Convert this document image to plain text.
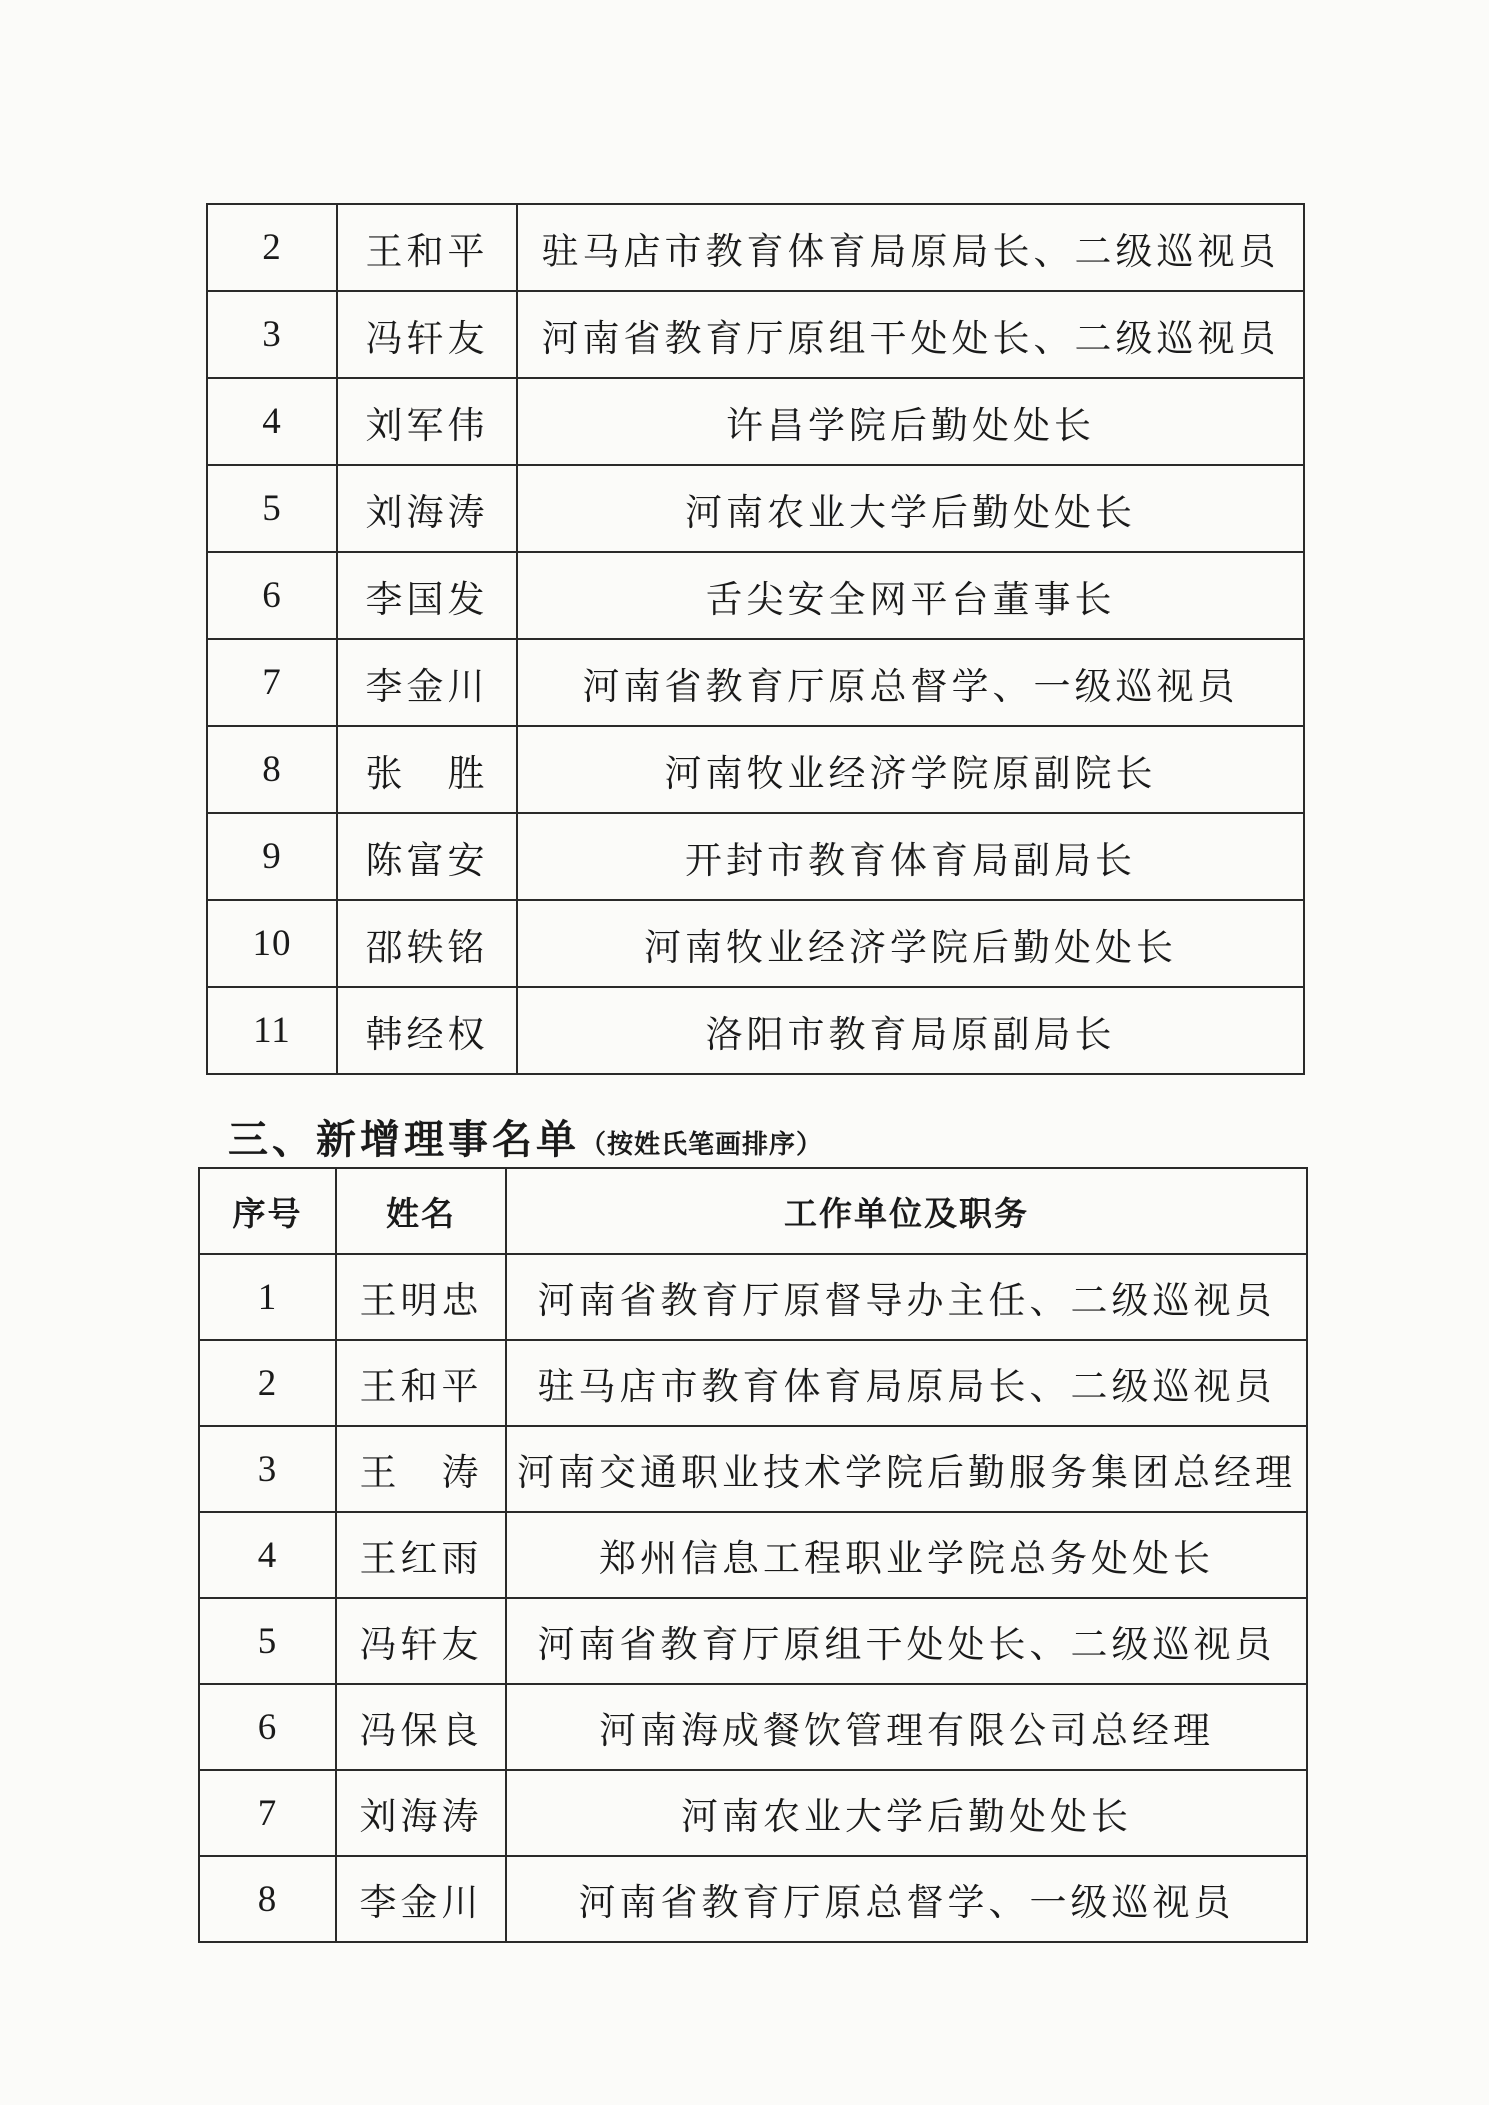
2	王和平	驻马店市教育体育局原局长、二级巡视员
3	冯轩友	河南省教育厅原组干处处长、二级巡视员
4	刘军伟	许昌学院后勤处处长
5	刘海涛	河南农业大学后勤处处长
6	李国发	舌尖安全网平台董事长
7	李金川	河南省教育厅原总督学、一级巡视员
8	张　胜	河南牧业经济学院原副院长
9	陈富安	开封市教育体育局副局长
10	邵轶铭	河南牧业经济学院后勤处处长
11	韩经权	洛阳市教育局原副局长
三、新增理事名单（按姓氏笔画排序）
序号	姓名	工作单位及职务
1	王明忠	河南省教育厅原督导办主任、二级巡视员
2	王和平	驻马店市教育体育局原局长、二级巡视员
3	王　涛	河南交通职业技术学院后勤服务集团总经理
4	王红雨	郑州信息工程职业学院总务处处长
5	冯轩友	河南省教育厅原组干处处长、二级巡视员
6	冯保良	河南海成餐饮管理有限公司总经理
7	刘海涛	河南农业大学后勤处处长
8	李金川	河南省教育厅原总督学、一级巡视员
